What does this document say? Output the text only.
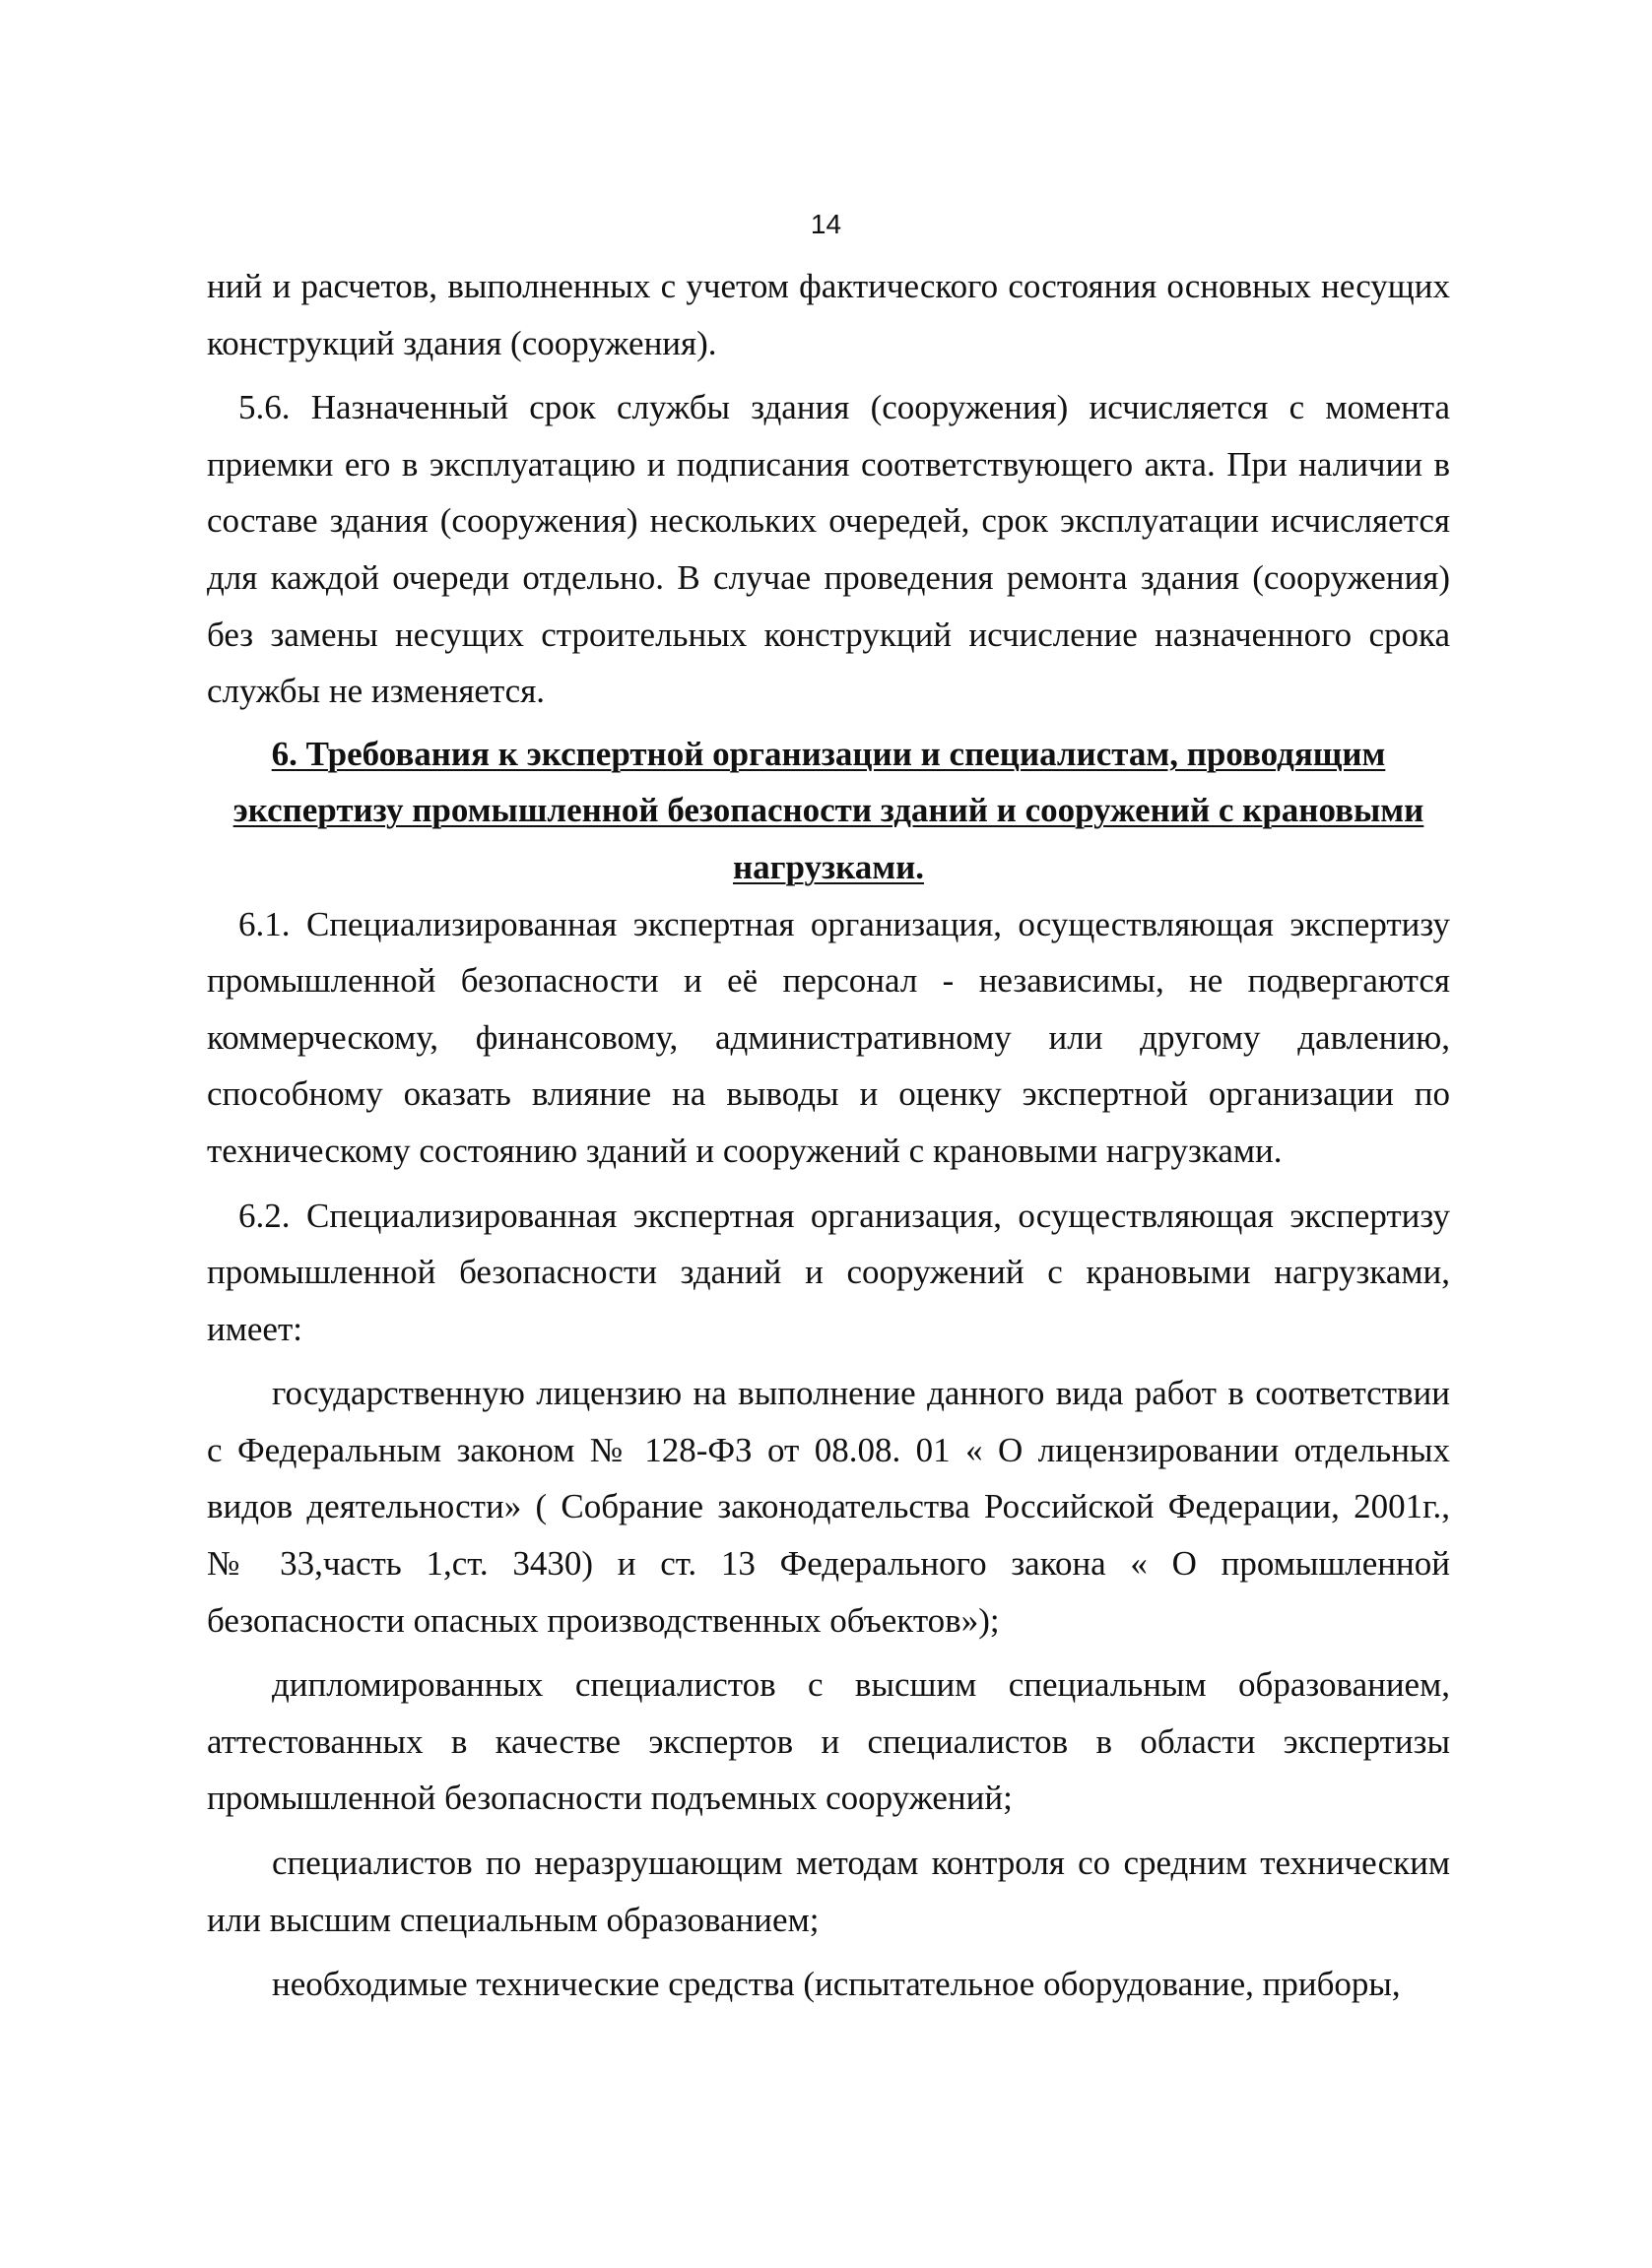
14

ний и расчетов, выполненных с учетом фактического состояния основных несущих конструкций здания (сооружения).

5.6. Назначенный срок службы здания (сооружения) исчисляется с момента приемки его в эксплуатацию и подписания соответствующего акта. При наличии в составе здания (сооружения) нескольких очередей, срок эксплуатации исчисляется для каждой очереди отдельно. В случае проведения ремонта здания (сооружения) без замены несущих строительных конструкций исчисление назначенного срока службы не изменяется.

6. Требования к экспертной организации и специалистам, проводящим
экспертизу промышленной безопасности зданий и сооружений с крановыми
нагрузками.

6.1. Специализированная экспертная организация, осуществляющая экспертизу промышленной безопасности и её персонал - независимы, не подвергаются коммерческому, финансовому, административному или другому давлению, способному оказать влияние на выводы и оценку экспертной организации по техническому состоянию зданий и сооружений с крановыми нагрузками.

6.2. Специализированная экспертная организация, осуществляющая экспертизу промышленной безопасности зданий и сооружений с крановыми нагрузками, имеет:

государственную лицензию на выполнение данного вида работ в соответствии с Федеральным законом № 128-ФЗ от 08.08. 01 « О лицензировании отдельных видов деятельности» ( Собрание законодательства Российской Федерации, 2001г., № 33,часть 1,ст. 3430) и ст. 13 Федерального закона « О промышленной безопасности опасных производственных объектов»);

дипломированных специалистов с высшим специальным образованием, аттестованных в качестве экспертов и специалистов в области экспертизы промышленной безопасности подъемных сооружений;

специалистов по неразрушающим методам контроля со средним техническим или высшим специальным образованием;

необходимые технические средства (испытательное оборудование, приборы,
